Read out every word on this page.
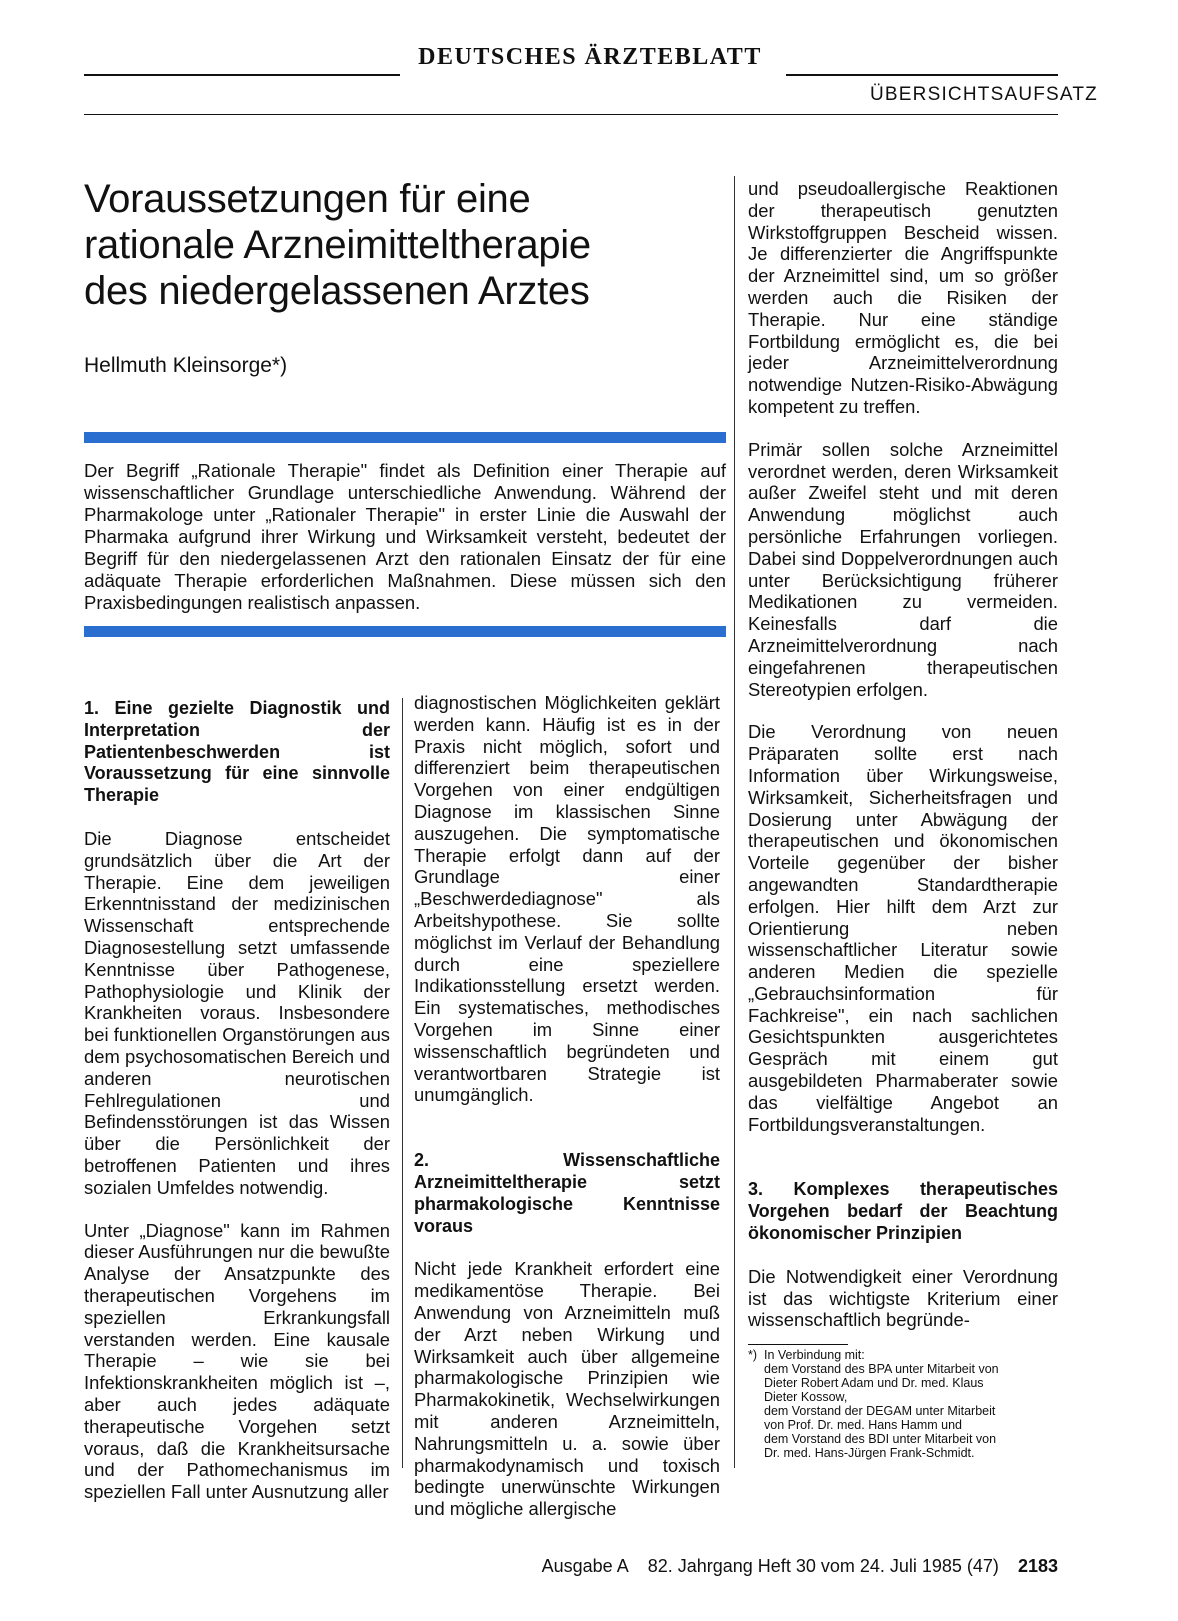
DEUTSCHES ÄRZTEBLATT
ÜBERSICHTSAUFSATZ
Voraussetzungen für eine
rationale Arzneimitteltherapie
des niedergelassenen Arztes
Hellmuth Kleinsorge*)

Der Begriff „Rationale Therapie" findet als Definition einer Therapie auf wissenschaftlicher Grundlage unterschiedliche Anwendung. Während der Pharmakologe unter „Rationaler Therapie" in erster Linie die Auswahl der Pharmaka aufgrund ihrer Wirkung und Wirksamkeit versteht, bedeutet der Begriff für den niedergelassenen Arzt den rationalen Einsatz der für eine adäquate Therapie erforderlichen Maßnahmen. Diese müssen sich den Praxisbedingungen realistisch anpassen.

1. Eine gezielte Diagnostik und Interpretation der Patientenbeschwerden ist Voraussetzung für eine sinnvolle Therapie

Die Diagnose entscheidet grundsätzlich über die Art der Therapie. Eine dem jeweiligen Erkenntnisstand der medizinischen Wissenschaft entsprechende Diagnosestellung setzt umfassende Kenntnisse über Pathogenese, Pathophysiologie und Klinik der Krankheiten voraus. Insbesondere bei funktionellen Organstörungen aus dem psychosomatischen Bereich und anderen neurotischen Fehlregulationen und Befindensstörungen ist das Wissen über die Persönlichkeit der betroffenen Patienten und ihres sozialen Umfeldes notwendig.

Unter „Diagnose" kann im Rahmen dieser Ausführungen nur die bewußte Analyse der Ansatzpunkte des therapeutischen Vorgehens im speziellen Erkrankungsfall verstanden werden. Eine kausale Therapie – wie sie bei Infektionskrankheiten möglich ist –, aber auch jedes adäquate therapeutische Vorgehen setzt voraus, daß die Krankheitsursache und der Pathomechanismus im speziellen Fall unter Ausnutzung aller

diagnostischen Möglichkeiten geklärt werden kann. Häufig ist es in der Praxis nicht möglich, sofort und differenziert beim therapeutischen Vorgehen von einer endgültigen Diagnose im klassischen Sinne auszugehen. Die symptomatische Therapie erfolgt dann auf der Grundlage einer „Beschwerdediagnose" als Arbeitshypothese. Sie sollte möglichst im Verlauf der Behandlung durch eine speziellere Indikationsstellung ersetzt werden. Ein systematisches, methodisches Vorgehen im Sinne einer wissenschaftlich begründeten und verantwortbaren Strategie ist unumgänglich.

2. Wissenschaftliche Arzneimitteltherapie setzt pharmakologische Kenntnisse voraus

Nicht jede Krankheit erfordert eine medikamentöse Therapie. Bei Anwendung von Arzneimitteln muß der Arzt neben Wirkung und Wirksamkeit auch über allgemeine pharmakologische Prinzipien wie Pharmakokinetik, Wechselwirkungen mit anderen Arzneimitteln, Nahrungsmitteln u. a. sowie über pharmakodynamisch und toxisch bedingte unerwünschte Wirkungen und mögliche allergische

und pseudoallergische Reaktionen der therapeutisch genutzten Wirkstoffgruppen Bescheid wissen. Je differenzierter die Angriffspunkte der Arzneimittel sind, um so größer werden auch die Risiken der Therapie. Nur eine ständige Fortbildung ermöglicht es, die bei jeder Arzneimittelverordnung notwendige Nutzen-Risiko-Abwägung kompetent zu treffen.

Primär sollen solche Arzneimittel verordnet werden, deren Wirksamkeit außer Zweifel steht und mit deren Anwendung möglichst auch persönliche Erfahrungen vorliegen. Dabei sind Doppelverordnungen auch unter Berücksichtigung früherer Medikationen zu vermeiden. Keinesfalls darf die Arzneimittelverordnung nach eingefahrenen therapeutischen Stereotypien erfolgen.

Die Verordnung von neuen Präparaten sollte erst nach Information über Wirkungsweise, Wirksamkeit, Sicherheitsfragen und Dosierung unter Abwägung der therapeutischen und ökonomischen Vorteile gegenüber der bisher angewandten Standardtherapie erfolgen. Hier hilft dem Arzt zur Orientierung neben wissenschaftlicher Literatur sowie anderen Medien die spezielle „Gebrauchsinformation für Fachkreise", ein nach sachlichen Gesichtspunkten ausgerichtetes Gespräch mit einem gut ausgebildeten Pharmaberater sowie das vielfältige Angebot an Fortbildungsveranstaltungen.

3. Komplexes therapeutisches Vorgehen bedarf der Beachtung ökonomischer Prinzipien

Die Notwendigkeit einer Verordnung ist das wichtigste Kriterium einer wissenschaftlich begründe-

*) In Verbindung mit:
dem Vorstand des BPA unter Mitarbeit von
Dieter Robert Adam und Dr. med. Klaus
Dieter Kossow,
dem Vorstand der DEGAM unter Mitarbeit
von Prof. Dr. med. Hans Hamm und
dem Vorstand des BDI unter Mitarbeit von
Dr. med. Hans-Jürgen Frank-Schmidt.
Ausgabe A 82. Jahrgang Heft 30 vom 24. Juli 1985 (47) 2183
